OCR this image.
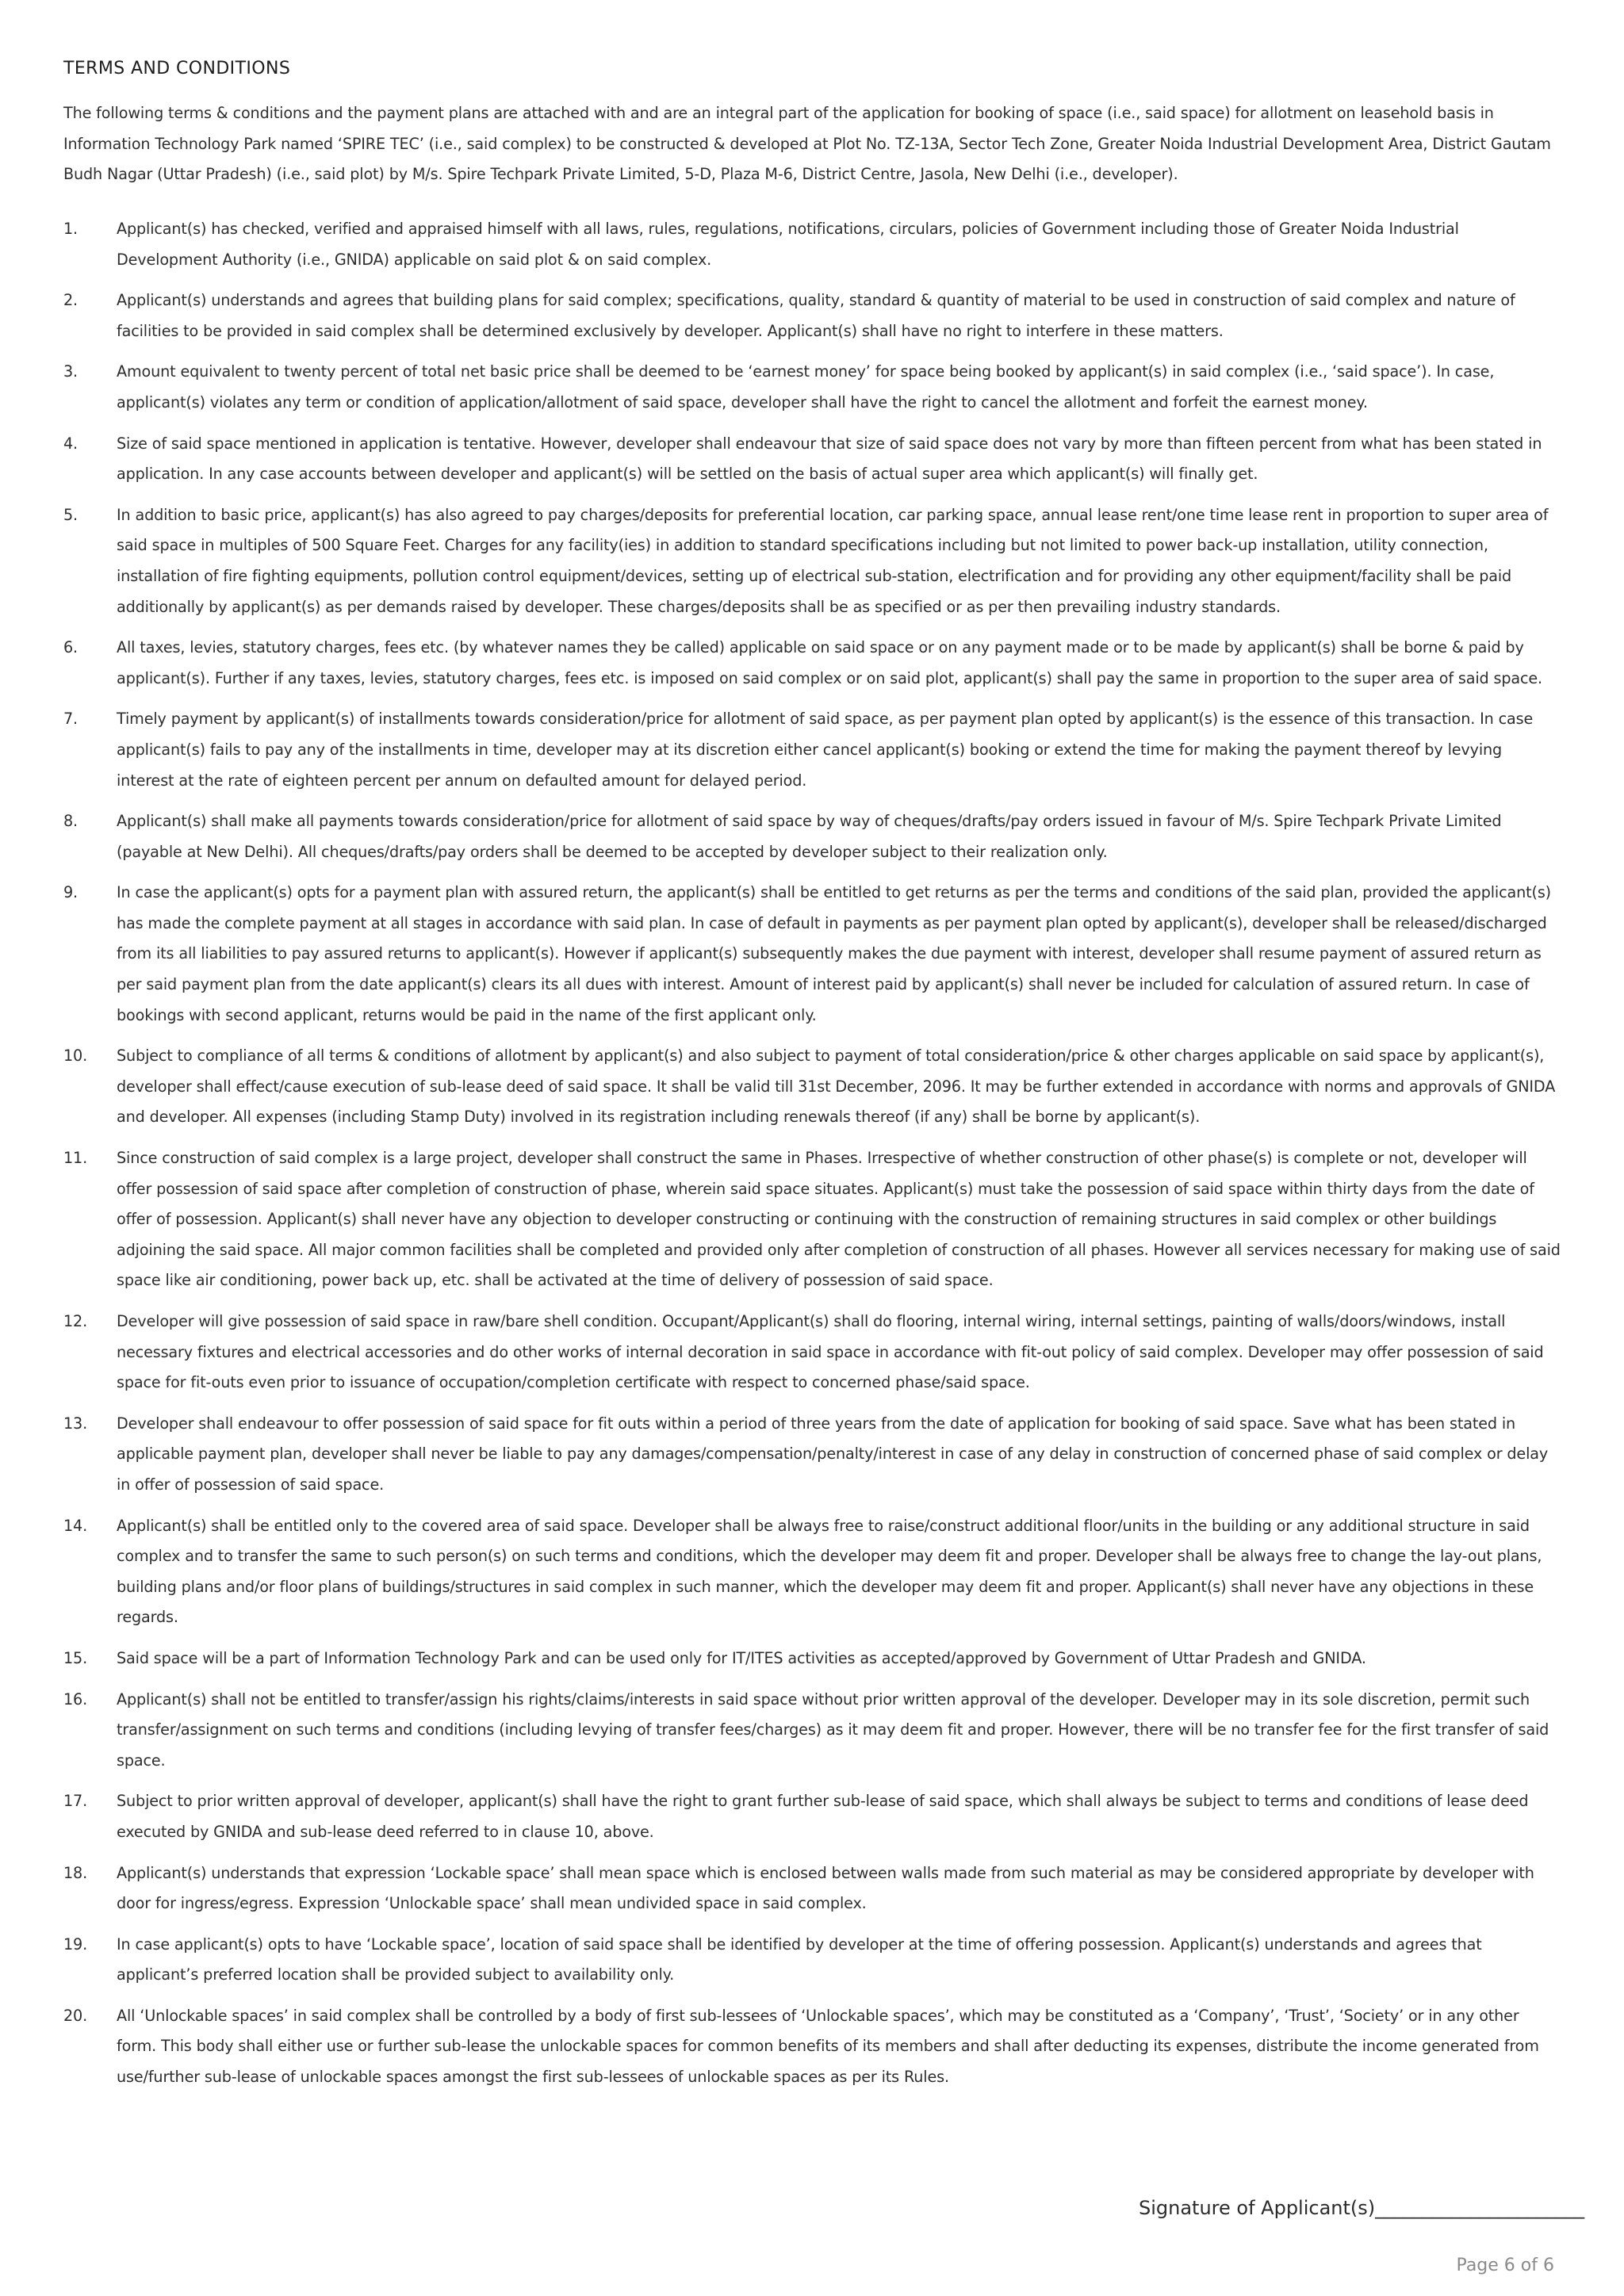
TERMS AND CONDITIONS
The following terms & conditions and the payment plans are attached with and are an integral part of the application for booking of space (i.e., said space) for allotment on leasehold basis in Information Technology Park named ‘SPIRE TEC’ (i.e., said complex) to be constructed & developed at Plot No. TZ-13A, Sector Tech Zone, Greater Noida Industrial Development Area, District Gautam Budh Nagar (Uttar Pradesh) (i.e., said plot) by M/s. Spire Techpark Private Limited, 5-D, Plaza M-6, District Centre, Jasola, New Delhi (i.e., developer).
1.	Applicant(s) has checked, verified and appraised himself with all laws, rules, regulations, notifications, circulars, policies of Government including those of Greater Noida Industrial Development Authority (i.e., GNIDA) applicable on said plot & on said complex.
2.	Applicant(s) understands and agrees that building plans for said complex; specifications, quality, standard & quantity of material to be used in construction of said complex and nature of facilities to be provided in said complex shall be determined exclusively by developer. Applicant(s) shall have no right to interfere in these matters.
3.	Amount equivalent to twenty percent of total net basic price shall be deemed to be ‘earnest money’ for space being booked by applicant(s) in said complex (i.e., ‘said space’). In case, applicant(s) violates any term or condition of application/allotment of said space, developer shall have the right to cancel the allotment and forfeit the earnest money.
4.	Size of said space mentioned in application is tentative. However, developer shall endeavour that size of said space does not vary by more than fifteen percent from what has been stated in application. In any case accounts between developer and applicant(s) will be settled on the basis of actual super area which applicant(s) will finally get.
5.	In addition to basic price, applicant(s) has also agreed to pay charges/deposits for preferential location, car parking space, annual lease rent/one time lease rent in proportion to super area of said space in multiples of 500 Square Feet. Charges for any facility(ies) in addition to standard specifications including but not limited to power back-up installation, utility connection, installation of fire fighting equipments, pollution control equipment/devices, setting up of electrical sub-station, electrification and for providing any other equipment/facility shall be paid additionally by applicant(s) as per demands raised by developer. These charges/deposits shall be as specified or as per then prevailing industry standards.
6.	All taxes, levies, statutory charges, fees etc. (by whatever names they be called) applicable on said space or on any payment made or to be made by applicant(s) shall be borne & paid by applicant(s). Further if any taxes, levies, statutory charges, fees etc. is imposed on said complex or on said plot, applicant(s) shall pay the same in proportion to the super area of said space.
7.	Timely payment by applicant(s) of installments towards consideration/price for allotment of said space, as per payment plan opted by applicant(s) is the essence of this transaction. In case applicant(s) fails to pay any of the installments in time, developer may at its discretion either cancel applicant(s) booking or extend the time for making the payment thereof by levying interest at the rate of eighteen percent per annum on defaulted amount for delayed period.
8.	Applicant(s) shall make all payments towards consideration/price for allotment of said space by way of cheques/drafts/pay orders issued in favour of M/s. Spire Techpark Private Limited (payable at New Delhi). All cheques/drafts/pay orders shall be deemed to be accepted by developer subject to their realization only.
9.	In case the applicant(s) opts for a payment plan with assured return, the applicant(s) shall be entitled to get returns as per the terms and conditions of the said plan, provided the applicant(s) has made the complete payment at all stages in accordance with said plan. In case of default in payments as per payment plan opted by applicant(s), developer shall be released/discharged from its all liabilities to pay assured returns to applicant(s). However if applicant(s) subsequently makes the due payment with interest, developer shall resume payment of assured return as per said payment plan from the date applicant(s) clears its all dues with interest. Amount of interest paid by applicant(s) shall never be included for calculation of assured return. In case of bookings with second applicant, returns would be paid in the name of the first applicant only.
10.	Subject to compliance of all terms & conditions of allotment by applicant(s) and also subject to payment of total consideration/price & other charges applicable on said space by applicant(s), developer shall effect/cause execution of sub-lease deed of said space. It shall be valid till 31st December, 2096. It may be further extended in accordance with norms and approvals of GNIDA and developer. All expenses (including Stamp Duty) involved in its registration including renewals thereof (if any) shall be borne by applicant(s).
11.	Since construction of said complex is a large project, developer shall construct the same in Phases. Irrespective of whether construction of other phase(s) is complete or not, developer will offer possession of said space after completion of construction of phase, wherein said space situates. Applicant(s) must take the possession of said space within thirty days from the date of offer of possession. Applicant(s) shall never have any objection to developer constructing or continuing with the construction of remaining structures in said complex or other buildings adjoining the said space. All major common facilities shall be completed and provided only after completion of construction of all phases. However all services necessary for making use of said space like air conditioning, power back up, etc. shall be activated at the time of delivery of possession of said space.
12.	Developer will give possession of said space in raw/bare shell condition. Occupant/Applicant(s) shall do flooring, internal wiring, internal settings, painting of walls/doors/windows, install necessary fixtures and electrical accessories and do other works of internal decoration in said space in accordance with fit-out policy of said complex. Developer may offer possession of said space for fit-outs even prior to issuance of occupation/completion certificate with respect to concerned phase/said space.
13.	Developer shall endeavour to offer possession of said space for fit outs within a period of three years from the date of application for booking of said space. Save what has been stated in applicable payment plan, developer shall never be liable to pay any damages/compensation/penalty/interest in case of any delay in construction of concerned phase of said complex or delay in offer of possession of said space.
14.	Applicant(s) shall be entitled only to the covered area of said space. Developer shall be always free to raise/construct additional floor/units in the building or any additional structure in said complex and to transfer the same to such person(s) on such terms and conditions, which the developer may deem fit and proper. Developer shall be always free to change the lay-out plans, building plans and/or floor plans of buildings/structures in said complex in such manner, which the developer may deem fit and proper. Applicant(s) shall never have any objections in these regards.
15.	Said space will be a part of Information Technology Park and can be used only for IT/ITES activities as accepted/approved by Government of Uttar Pradesh and GNIDA.
16.	Applicant(s) shall not be entitled to transfer/assign his rights/claims/interests in said space without prior written approval of the developer. Developer may in its sole discretion, permit such transfer/assignment on such terms and conditions (including levying of transfer fees/charges) as it may deem fit and proper. However, there will be no transfer fee for the first transfer of said space.
17.	Subject to prior written approval of developer, applicant(s) shall have the right to grant further sub-lease of said space, which shall always be subject to terms and conditions of lease deed executed by GNIDA and sub-lease deed referred to in clause 10, above.
18.	Applicant(s) understands that expression ‘Lockable space’ shall mean space which is enclosed between walls made from such material as may be considered appropriate by developer with door for ingress/egress. Expression ‘Unlockable space’ shall mean undivided space in said complex.
19.	In case applicant(s) opts to have ‘Lockable space’, location of said space shall be identified by developer at the time of offering possession. Applicant(s) understands and agrees that applicant’s preferred location shall be provided subject to availability only.
20.	All ‘Unlockable spaces’ in said complex shall be controlled by a body of first sub-lessees of ‘Unlockable spaces’, which may be constituted as a ‘Company’, ‘Trust’, ‘Society’ or in any other form. This body shall either use or further sub-lease the unlockable spaces for common benefits of its members and shall after deducting its expenses, distribute the income generated from use/further sub-lease of unlockable spaces amongst the first sub-lessees of unlockable spaces as per its Rules.
Signature of Applicant(s)______________________
Page 6 of 6
